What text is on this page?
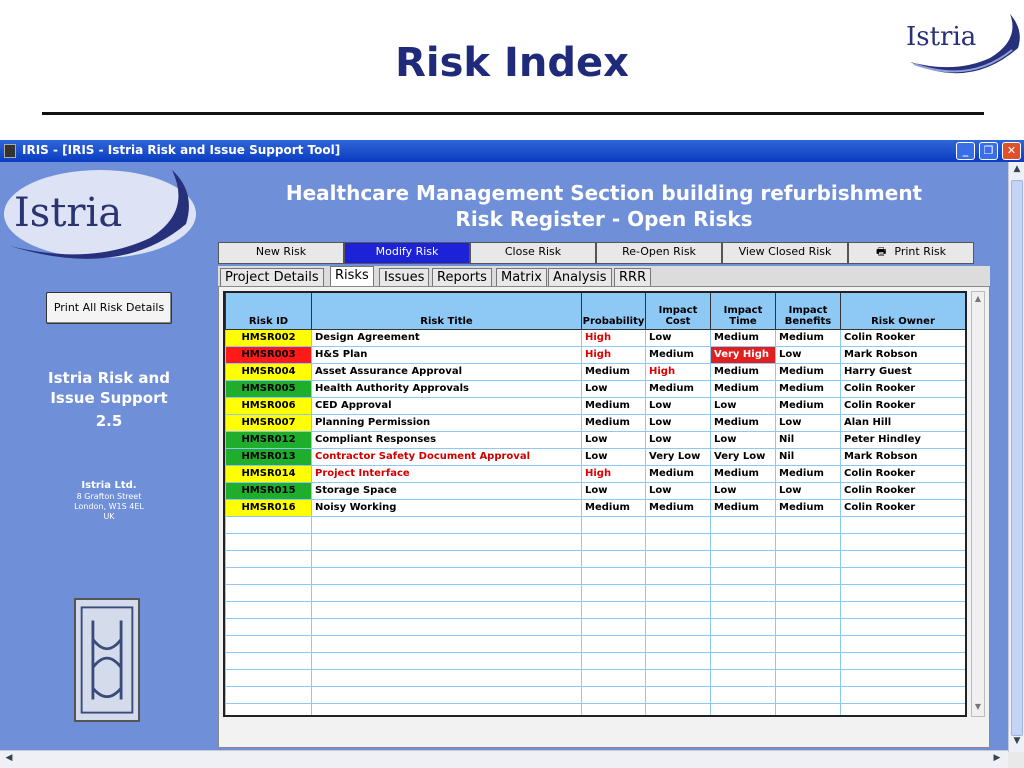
Risk Index
Istria
IRIS - [IRIS - Istria Risk and Issue Support Tool]	_	❐	✕
Istria
Print All Risk Details
Istria Risk and
Issue Support
2.5
Istria Ltd.
8 Grafton Street
London, W1S 4EL
UK
Healthcare Management Section building refurbishment
Risk Register - Open Risks
New Risk	Modify Risk	Close Risk	Re-Open Risk	View Closed Risk	🖶 Print Risk
Project Details	Risks	Issues Reports	Matrix Analysis RRR
Risk ID	Risk Title	Probability	Impact Cost	Impact Time	Impact Benefits	Risk Owner
HMSR002	Design Agreement	High	Low	Medium	Medium	Colin Rooker
HMSR003	H&S Plan	High	Medium	Very High	Low	Mark Robson
HMSR004	Asset Assurance Approval	Medium	High	Medium	Medium	Harry Guest
HMSR005	Health Authority Approvals	Low	Medium	Medium	Medium	Colin Rooker
HMSR006	CED Approval	Medium	Low	Low	Medium	Colin Rooker
HMSR007	Planning Permission	Medium	Low	Medium	Low	Alan Hill
HMSR012	Compliant Responses	Low	Low	Low	Nil	Peter Hindley
HMSR013	Contractor Safety Document Approval	Low	Very Low	Very Low	Nil	Mark Robson
HMSR014	Project Interface	High	Medium	Medium	Medium	Colin Rooker
HMSR015	Storage Space	Low	Low	Low	Low	Colin Rooker
HMSR016	Noisy Working	Medium	Medium	Medium	Medium	Colin Rooker

▲
▼
▲
▼
◀	▶
